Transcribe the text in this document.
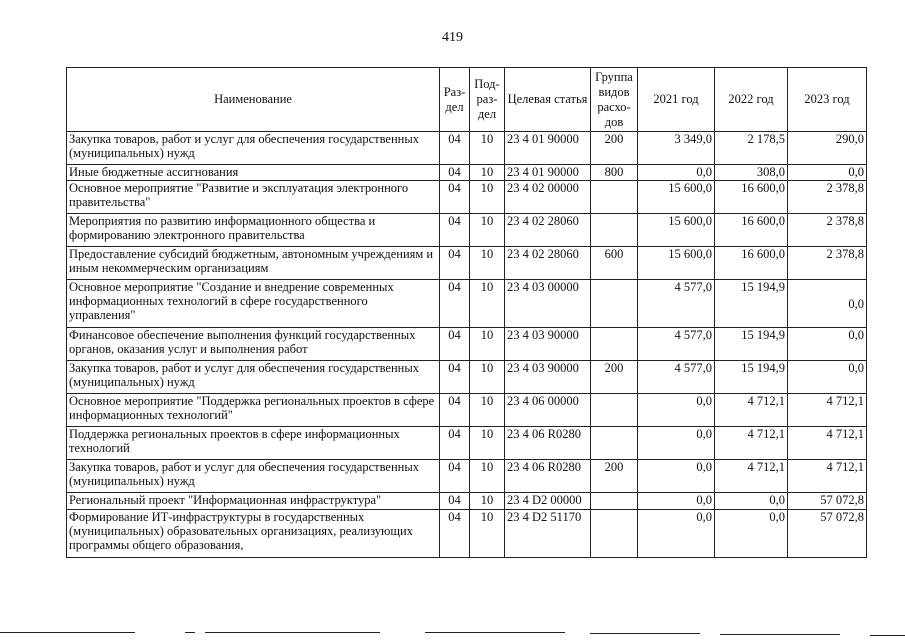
419
Наименование	Раз-дел	Под-раз-дел	Целевая статья	Группа видов расхо-дов	2021 год	2022 год	2023 год
Закупка товаров, работ и услуг для обеспечения государственных (муниципальных) нужд	04	10	23 4 01 90000	200	3 349,0	2 178,5	290,0
Иные бюджетные ассигнования	04	10	23 4 01 90000	800	0,0	308,0	0,0
Основное мероприятие "Развитие и эксплуатация электронного правительства"	04	10	23 4 02 00000		15 600,0	16 600,0	2 378,8
Мероприятия по развитию информационного общества и формированию электронного правительства	04	10	23 4 02 28060		15 600,0	16 600,0	2 378,8
Предоставление субсидий бюджетным, автономным учреждениям и иным некоммерческим организациям	04	10	23 4 02 28060	600	15 600,0	16 600,0	2 378,8
Основное мероприятие "Создание и внедрение современных информационных технологий в сфере государственного управления"	04	10	23 4 03 00000		4 577,0	15 194,9	0,0
Финансовое обеспечение выполнения функций государственных органов, оказания услуг и выполнения работ	04	10	23 4 03 90000		4 577,0	15 194,9	0,0
Закупка товаров, работ и услуг для обеспечения государственных (муниципальных) нужд	04	10	23 4 03 90000	200	4 577,0	15 194,9	0,0
Основное мероприятие "Поддержка региональных проектов в сфере информационных технологий"	04	10	23 4 06 00000		0,0	4 712,1	4 712,1
Поддержка региональных проектов в сфере информационных технологий	04	10	23 4 06 R0280		0,0	4 712,1	4 712,1
Закупка товаров, работ и услуг для обеспечения государственных (муниципальных) нужд	04	10	23 4 06 R0280	200	0,0	4 712,1	4 712,1
Региональный проект "Информационная инфраструктура"	04	10	23 4 D2 00000		0,0	0,0	57 072,8
Формирование ИТ-инфраструктуры в государственных (муниципальных) образовательных организациях, реализующих программы общего образования,	04	10	23 4 D2 51170		0,0	0,0	57 072,8
